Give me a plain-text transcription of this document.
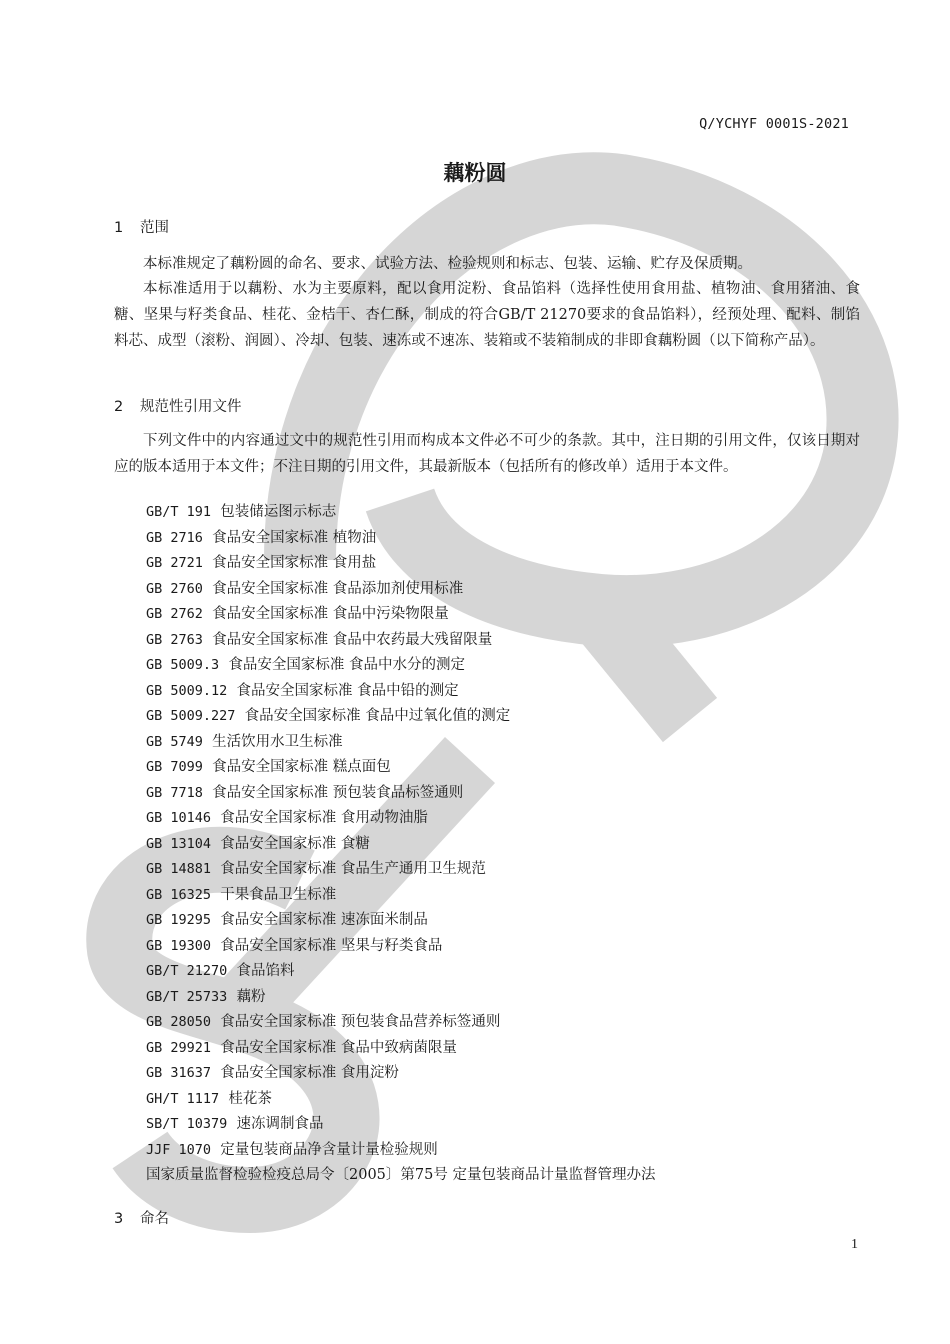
Q/YCHYF 0001S-2021
藕粉圆
1 范围

本标准规定了藕粉圆的命名、要求、试验方法、检验规则和标志、包装、运输、贮存及保质期。

本标准适用于以藕粉、水为主要原料，配以食用淀粉、食品馅料（选择性使用食用盐、植物油、食用猪油、食糖、坚果与籽类食品、桂花、金桔干、杏仁酥，制成的符合GB/T 21270要求的食品馅料），经预处理、配料、制馅料芯、成型（滚粉、润圆）、冷却、包装、速冻或不速冻、装箱或不装箱制成的非即食藕粉圆（以下简称产品）。

2 规范性引用文件

下列文件中的内容通过文中的规范性引用而构成本文件必不可少的条款。其中，注日期的引用文件，仅该日期对应的版本适用于本文件；不注日期的引用文件，其最新版本（包括所有的修改单）适用于本文件。

GB/T 191 包装储运图示标志
GB 2716 食品安全国家标准 植物油
GB 2721 食品安全国家标准 食用盐
GB 2760 食品安全国家标准 食品添加剂使用标准
GB 2762 食品安全国家标准 食品中污染物限量
GB 2763 食品安全国家标准 食品中农药最大残留限量
GB 5009.3 食品安全国家标准 食品中水分的测定
GB 5009.12 食品安全国家标准 食品中铅的测定
GB 5009.227 食品安全国家标准 食品中过氧化值的测定
GB 5749 生活饮用水卫生标准
GB 7099 食品安全国家标准 糕点面包
GB 7718 食品安全国家标准 预包装食品标签通则
GB 10146 食品安全国家标准 食用动物油脂
GB 13104 食品安全国家标准 食糖
GB 14881 食品安全国家标准 食品生产通用卫生规范
GB 16325 干果食品卫生标准
GB 19295 食品安全国家标准 速冻面米制品
GB 19300 食品安全国家标准 坚果与籽类食品
GB/T 21270 食品馅料
GB/T 25733 藕粉
GB 28050 食品安全国家标准 预包装食品营养标签通则
GB 29921 食品安全国家标准 食品中致病菌限量
GB 31637 食品安全国家标准 食用淀粉
GH/T 1117 桂花茶
SB/T 10379 速冻调制食品
JJF 1070 定量包装商品净含量计量检验规则
国家质量监督检验检疫总局令〔2005〕第75号 定量包装商品计量监督管理办法
3 命名
1
